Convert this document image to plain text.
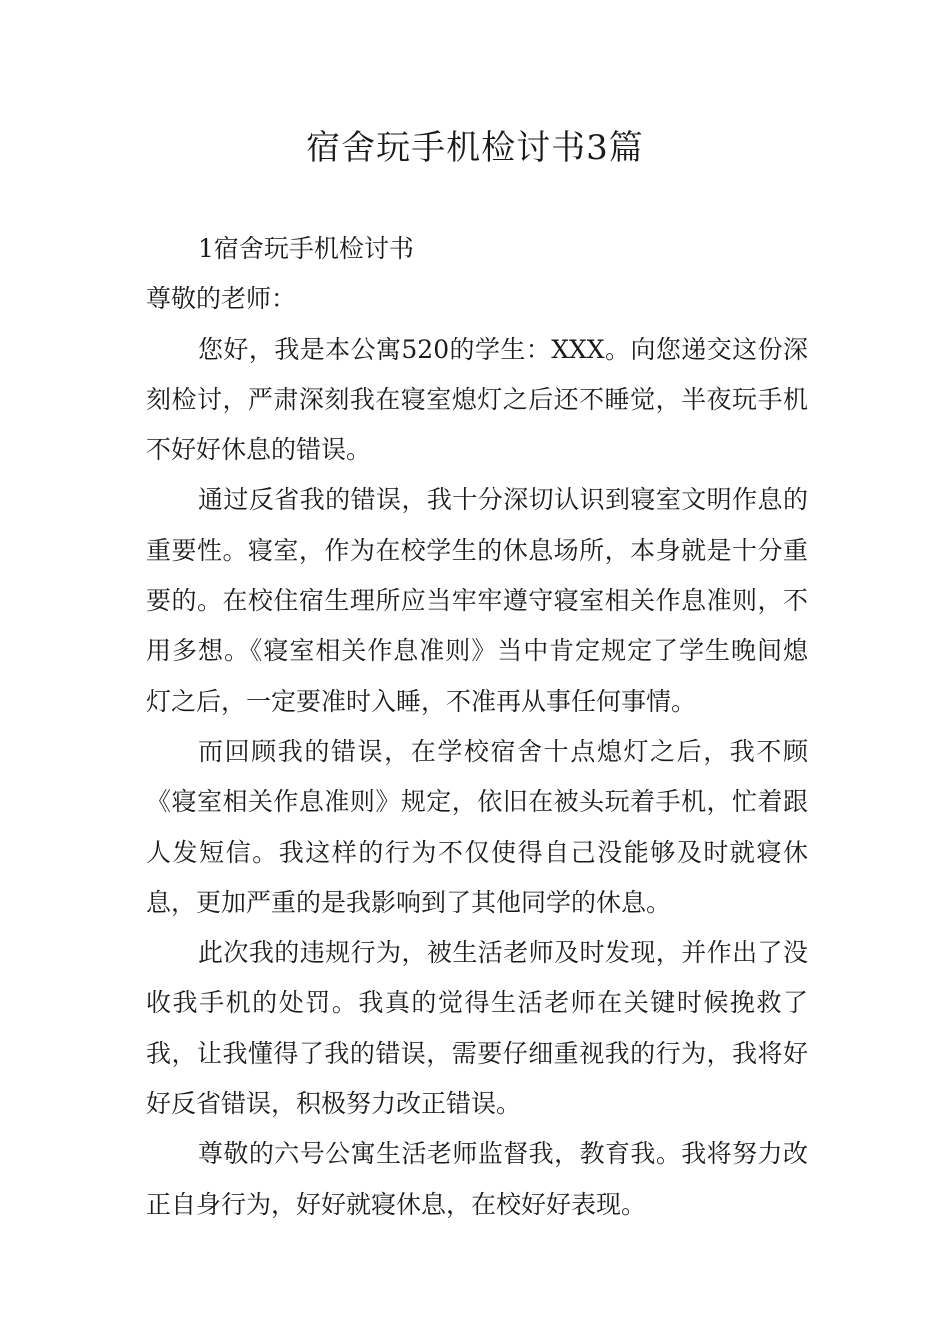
宿舍玩手机检讨书3篇

1宿舍玩手机检讨书

尊敬的老师：

您好，我是本公寓520的学生：XXX。向您递交这份深刻检讨，严肃深刻我在寝室熄灯之后还不睡觉，半夜玩手机不好好休息的错误。

通过反省我的错误，我十分深切认识到寝室文明作息的重要性。寝室，作为在校学生的休息场所，本身就是十分重要的。在校住宿生理所应当牢牢遵守寝室相关作息准则，不用多想。《寝室相关作息准则》当中肯定规定了学生晚间熄灯之后，一定要准时入睡，不准再从事任何事情。

而回顾我的错误，在学校宿舍十点熄灯之后，我不顾《寝室相关作息准则》规定，依旧在被头玩着手机，忙着跟人发短信。我这样的行为不仅使得自己没能够及时就寝休息，更加严重的是我影响到了其他同学的休息。

此次我的违规行为，被生活老师及时发现，并作出了没收我手机的处罚。我真的觉得生活老师在关键时候挽救了我，让我懂得了我的错误，需要仔细重视我的行为，我将好好反省错误，积极努力改正错误。

尊敬的六号公寓生活老师监督我，教育我。我将努力改正自身行为，好好就寝休息，在校好好表现。
